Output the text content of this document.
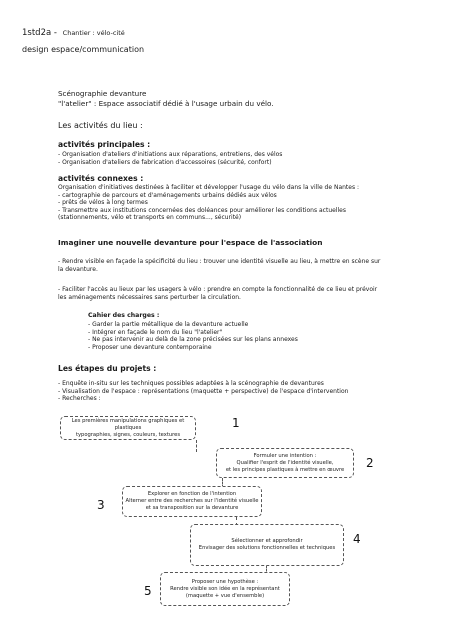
1std2a - Chantier : vélo-cité
design espace/communication
Scénographie devanture
"l'atelier" : Espace associatif dédié à l'usage urbain du vélo.
Les activités du lieu :
activités principales :
- Organisation d'ateliers d'initiations aux réparations, entretiens, des vélos
- Organisation d'ateliers de fabrication d'accessoires (sécurité, confort)
activités connexes :
Organisation d'initiatives destinées à faciliter et développer l'usage du vélo dans la ville de Nantes :
- cartographie de parcours et d'aménagements urbains dédiés aux vélos
- prêts de vélos à long termes
- Transmettre aux institutions concernées des doléances pour améliorer les conditions actuelles
(stationnements, vélo et transports en communs..., sécurité)
Imaginer une nouvelle devanture pour l'espace de l'association
- Rendre visible en façade la spécificité du lieu : trouver une identité visuelle au lieu, à mettre en scène sur
la devanture.
- Faciliter l'accès au lieux par les usagers à vélo : prendre en compte la fonctionnalité de ce lieu et prévoir
les aménagements nécessaires sans perturber la circulation.
Cahier des charges :
- Garder la partie métallique de la devanture actuelle
- Intégrer en façade le nom du lieu "l'atelier"
- Ne pas intervenir au delà de la zone précisées sur les plans annexes
- Proposer une devanture contemporaine
Les étapes du projets :
- Enquête in-situ sur les techniques possibles adaptées à la scénographie de devantures
- Visualisation de l'espace : représentations (maquette + perspective) de l'espace d'intervention
- Recherches :
Les premières manipulations graphiques et plastiques
typographies, signes, couleurs, textures
1
Formuler une intention :
Qualifier l'esprit de l'identité visuelle,
et les principes plastiques à mettre en œuvre	2
Explorer en fonction de l'intention
Alterner entre des recherches sur l'identité visuelle
et sa transposition sur la devanture
3
Sélectionner et approfondir
Envisager des solutions fonctionnelles et techniques
4
Proposer une hypothèse :
Rendre visible son idée en la représentant
(maquette + vue d'ensemble)
5
